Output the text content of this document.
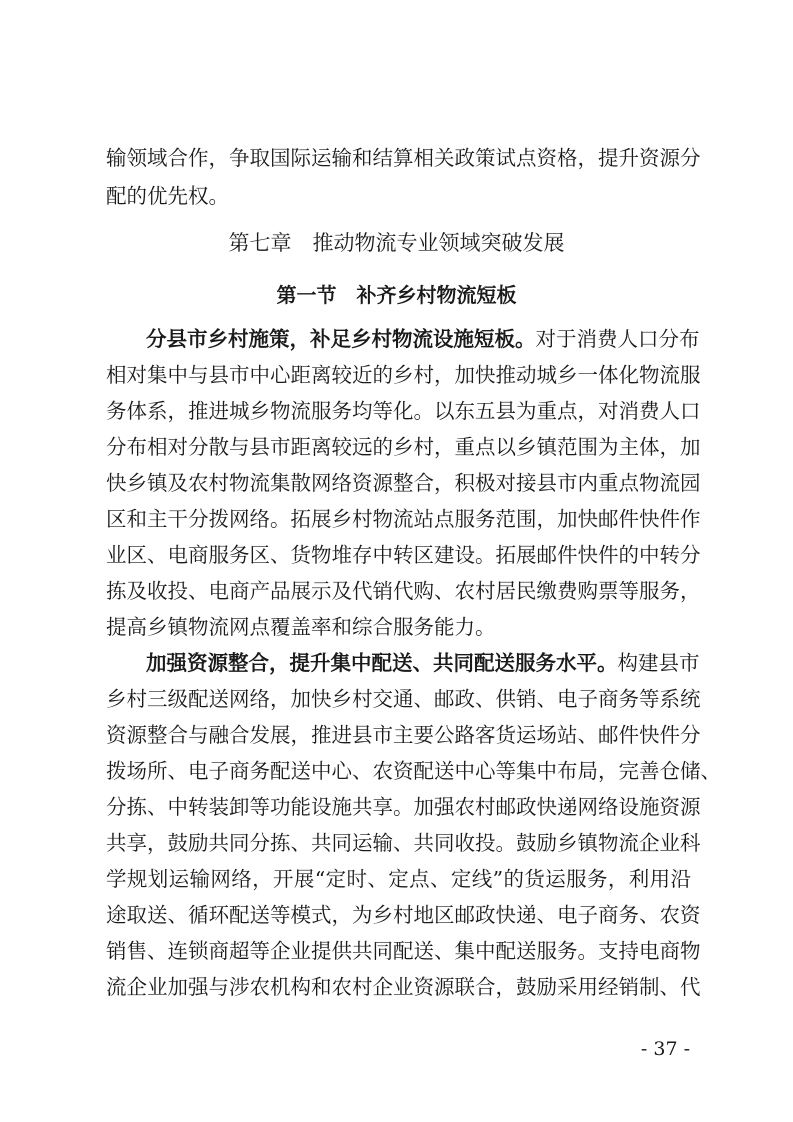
输领域合作，争取国际运输和结算相关政策试点资格，提升资源分
配的优先权。
第七章　推动物流专业领域突破发展
第一节　补齐乡村物流短板
分县市乡村施策，补足乡村物流设施短板。对于消费人口分布
相对集中与县市中心距离较近的乡村，加快推动城乡一体化物流服
务体系，推进城乡物流服务均等化。以东五县为重点，对消费人口
分布相对分散与县市距离较远的乡村，重点以乡镇范围为主体，加
快乡镇及农村物流集散网络资源整合，积极对接县市内重点物流园
区和主干分拨网络。拓展乡村物流站点服务范围，加快邮件快件作
业区、电商服务区、货物堆存中转区建设。拓展邮件快件的中转分
拣及收投、电商产品展示及代销代购、农村居民缴费购票等服务，
提高乡镇物流网点覆盖率和综合服务能力。
加强资源整合，提升集中配送、共同配送服务水平。构建县市
乡村三级配送网络，加快乡村交通、邮政、供销、电子商务等系统
资源整合与融合发展，推进县市主要公路客货运场站、邮件快件分
拨场所、电子商务配送中心、农资配送中心等集中布局，完善仓储、
分拣、中转装卸等功能设施共享。加强农村邮政快递网络设施资源
共享，鼓励共同分拣、共同运输、共同收投。鼓励乡镇物流企业科
学规划运输网络，开展“定时、定点、定线”的货运服务，利用沿
途取送、循环配送等模式，为乡村地区邮政快递、电子商务、农资
销售、连锁商超等企业提供共同配送、集中配送服务。支持电商物
流企业加强与涉农机构和农村企业资源联合，鼓励采用经销制、代
- 37 -
